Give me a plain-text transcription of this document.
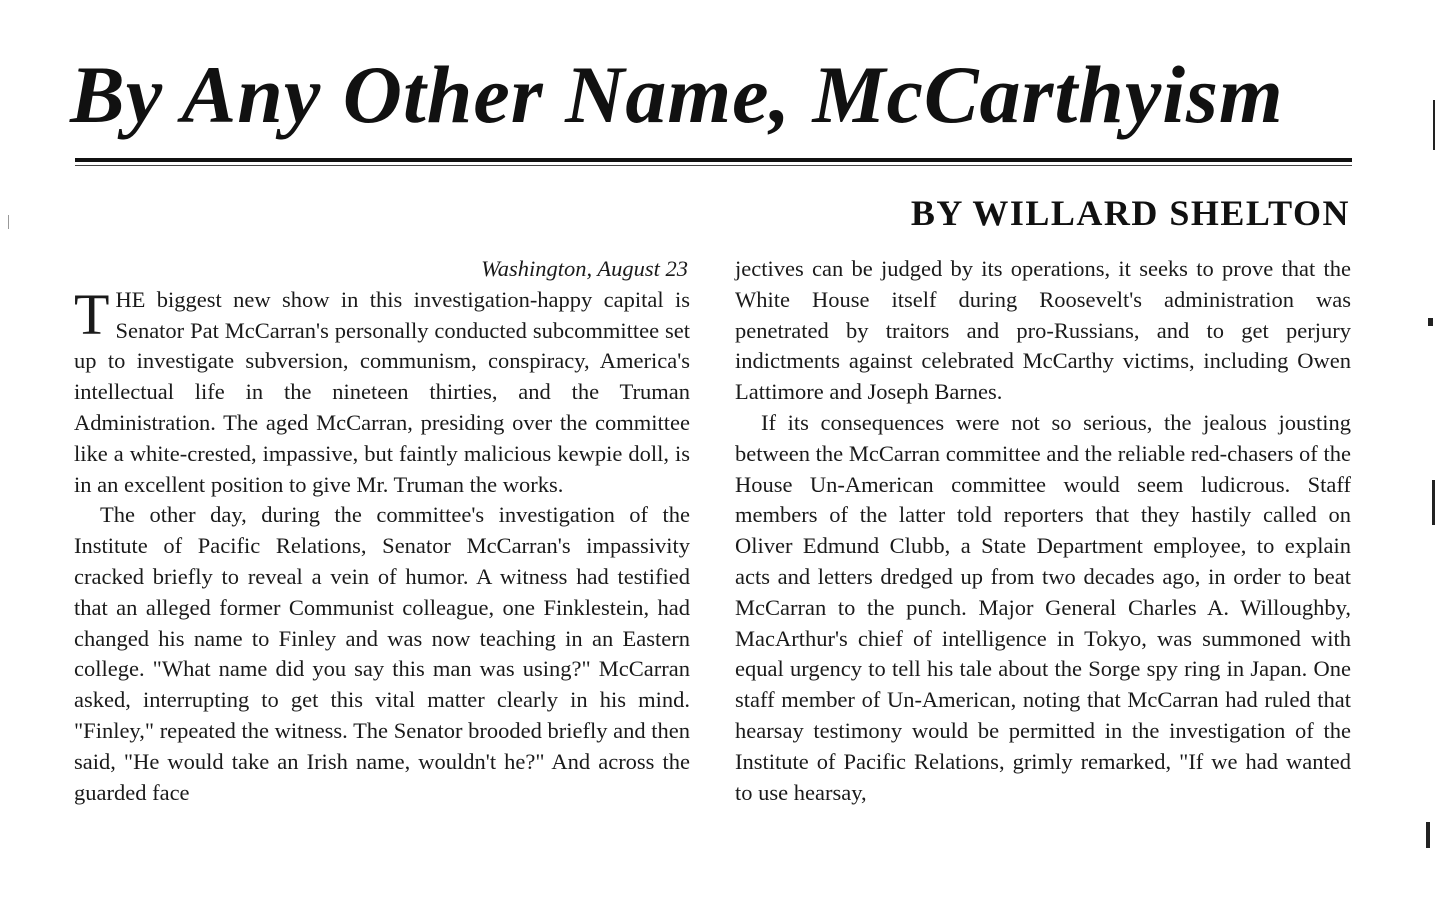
By Any Other Name, McCarthyism
BY WILLARD SHELTON

Washington, August 23

THE biggest new show in this investigation-happy capital is Senator Pat McCarran's personally conducted subcommittee set up to investigate subversion, communism, conspiracy, America's intellectual life in the nineteen thirties, and the Truman Administration. The aged McCarran, presiding over the committee like a white-crested, impassive, but faintly malicious kewpie doll, is in an excellent position to give Mr. Truman the works.

The other day, during the committee's investigation of the Institute of Pacific Relations, Senator McCarran's impassivity cracked briefly to reveal a vein of humor. A witness had testified that an alleged former Communist colleague, one Finklestein, had changed his name to Finley and was now teaching in an Eastern college. "What name did you say this man was using?" McCarran asked, interrupting to get this vital matter clearly in his mind. "Finley," repeated the witness. The Senator brooded briefly and then said, "He would take an Irish name, wouldn't he?" And across the guarded face

jectives can be judged by its operations, it seeks to prove that the White House itself during Roosevelt's administration was penetrated by traitors and pro-Russians, and to get perjury indictments against celebrated McCarthy victims, including Owen Lattimore and Joseph Barnes.

If its consequences were not so serious, the jealous jousting between the McCarran committee and the reliable red-chasers of the House Un-American committee would seem ludicrous. Staff members of the latter told reporters that they hastily called on Oliver Edmund Clubb, a State Department employee, to explain acts and letters dredged up from two decades ago, in order to beat McCarran to the punch. Major General Charles A. Willoughby, MacArthur's chief of intelligence in Tokyo, was summoned with equal urgency to tell his tale about the Sorge spy ring in Japan. One staff member of Un-American, noting that McCarran had ruled that hearsay testimony would be permitted in the investigation of the Institute of Pacific Relations, grimly remarked, "If we had wanted to use hearsay,
